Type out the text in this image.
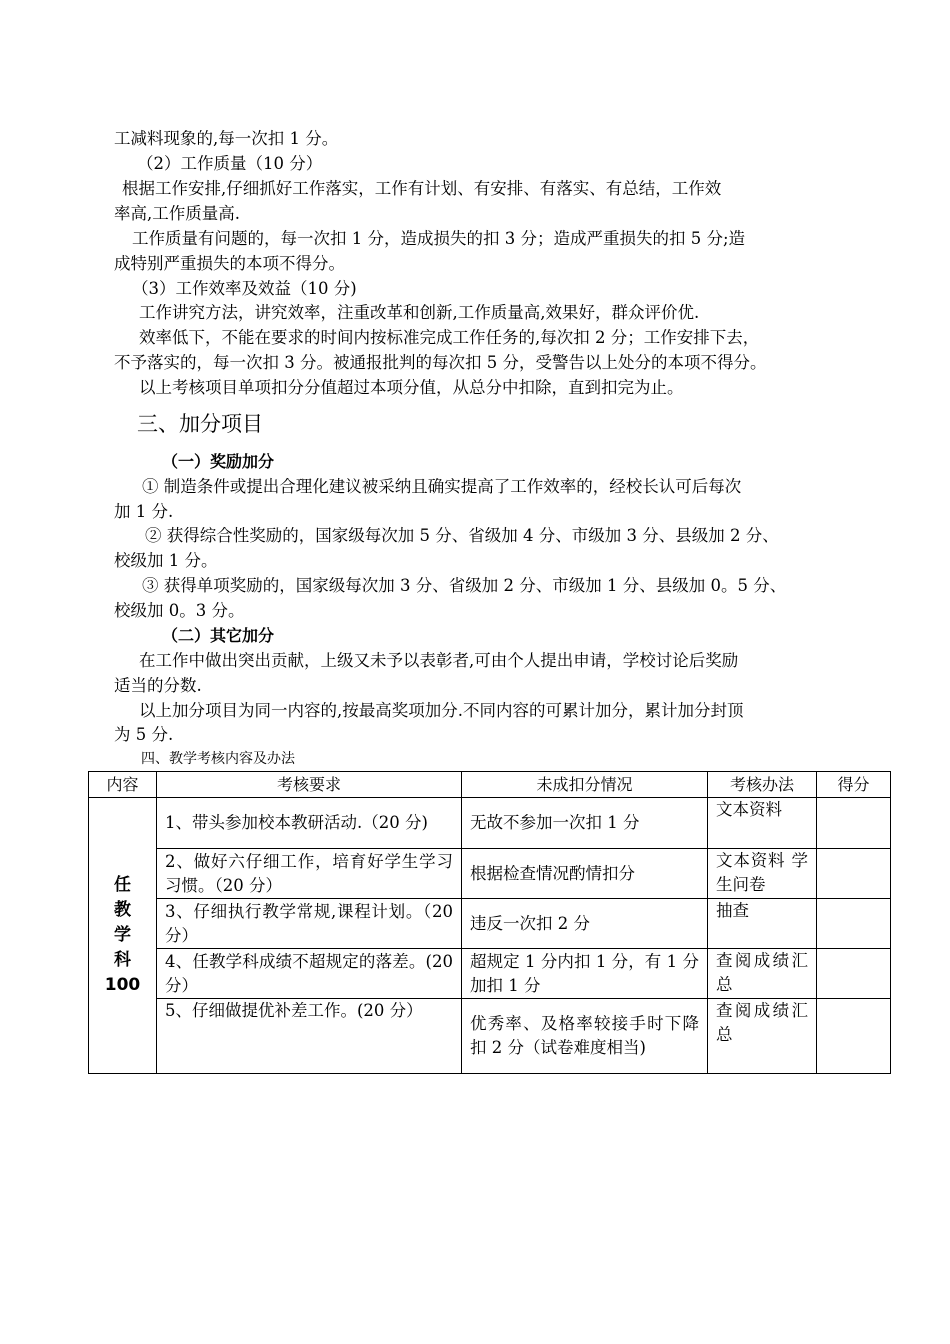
工减料现象的,每一次扣 1 分。

（2）工作质量（10 分）

根据工作安排,仔细抓好工作落实，工作有计划、有安排、有落实、有总结，工作效

率高,工作质量高.

工作质量有问题的，每一次扣 1 分，造成损失的扣 3 分；造成严重损失的扣 5 分;造

成特别严重损失的本项不得分。

（3）工作效率及效益（10 分)

工作讲究方法，讲究效率，注重改革和创新,工作质量高,效果好，群众评价优.

效率低下，不能在要求的时间内按标准完成工作任务的,每次扣 2 分；工作安排下去，

不予落实的，每一次扣 3 分。被通报批判的每次扣 5 分，受警告以上处分的本项不得分。

以上考核项目单项扣分分值超过本项分值，从总分中扣除，直到扣完为止。

三、加分项目
（一）奖励加分

① 制造条件或提出合理化建议被采纳且确实提高了工作效率的，经校长认可后每次

加 1 分.

② 获得综合性奖励的，国家级每次加 5 分、省级加 4 分、市级加 3 分、县级加 2 分、

校级加 1 分。

③ 获得单项奖励的，国家级每次加 3 分、省级加 2 分、市级加 1 分、县级加 0。5 分、

校级加 0。3 分。

（二）其它加分

在工作中做出突出贡献，上级又未予以表彰者,可由个人提出申请，学校讨论后奖励

适当的分数.

以上加分项目为同一内容的,按最高奖项加分.不同内容的可累计加分，累计加分封顶

为 5 分.

四、教学考核内容及办法
内容	考核要求	未成扣分情况	考核办法	得分

任
教
学
科
100	1、带头参加校本教研活动.（20 分)	无故不参加一次扣 1 分	文本资料	
	2、做好六仔细工作，培育好学生学习习惯。（20 分）	根据检查情况酌情扣分	文本资料 学生问卷	
	3、仔细执行教学常规,课程计划。（20 分）	违反一次扣 2 分	抽查	
	4、任教学科成绩不超规定的落差。(20 分）	超规定 1 分内扣 1 分，有 1 分加扣 1 分	查阅成绩汇总	
	5、仔细做提优补差工作。(20 分）	优秀率、及格率较接手时下降扣 2 分（试卷难度相当)	查阅成绩汇总	
